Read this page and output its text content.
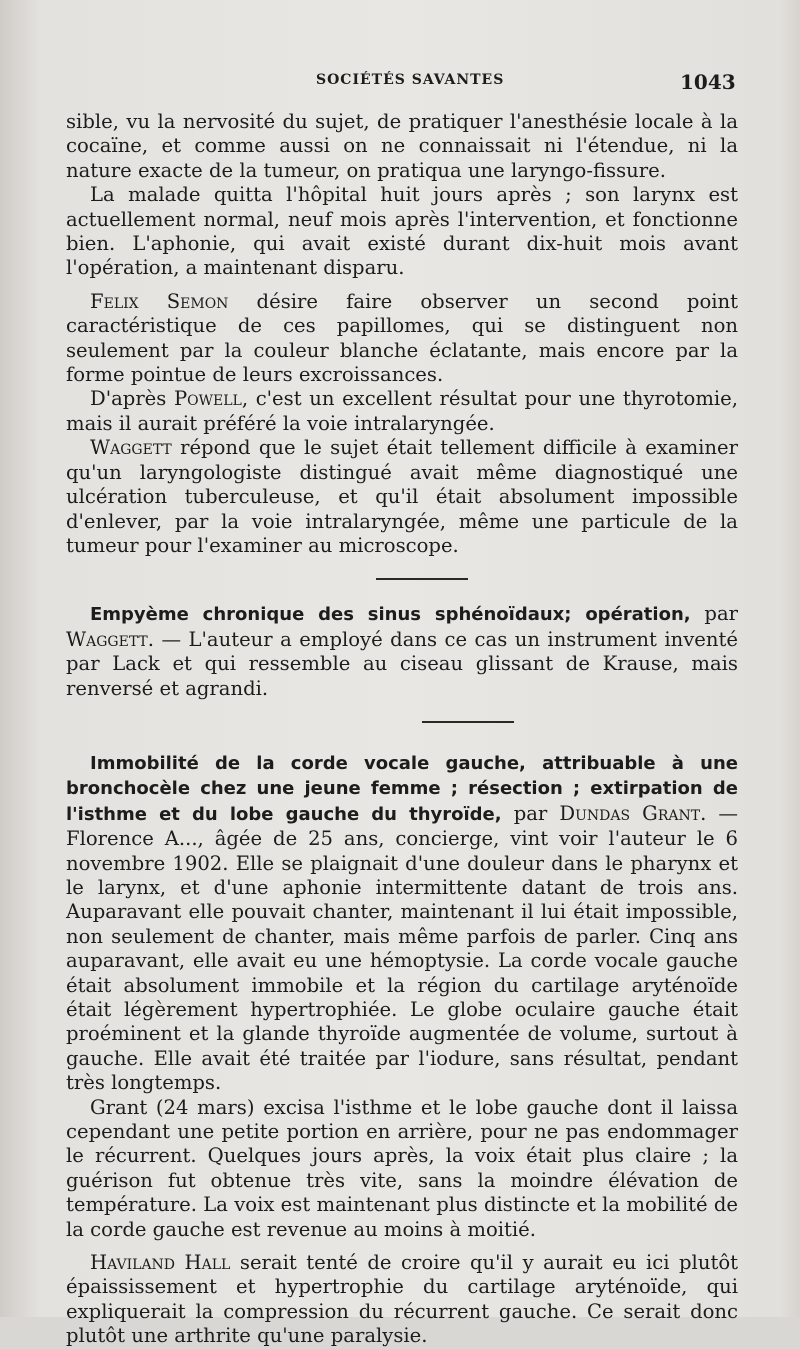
SOCIÉTÉS SAVANTES	1043

sible, vu la nervosité du sujet, de pratiquer l'anesthésie locale à la cocaïne, et comme aussi on ne connaissait ni l'étendue, ni la nature exacte de la tumeur, on pratiqua une laryngo-fissure.

La malade quitta l'hôpital huit jours après ; son larynx est actuellement normal, neuf mois après l'intervention, et fonctionne bien. L'aphonie, qui avait existé durant dix-huit mois avant l'opération, a maintenant disparu.

Felix Semon désire faire observer un second point caractéristique de ces papillomes, qui se distinguent non seulement par la couleur blanche éclatante, mais encore par la forme pointue de leurs excroissances.

D'après Powell, c'est un excellent résultat pour une thyrotomie, mais il aurait préféré la voie intralaryngée.

Waggett répond que le sujet était tellement difficile à examiner qu'un laryngologiste distingué avait même diagnostiqué une ulcération tuberculeuse, et qu'il était absolument impossible d'enlever, par la voie intralaryngée, même une particule de la tumeur pour l'examiner au microscope.

Empyème chronique des sinus sphénoïdaux; opération, par Waggett. — L'auteur a employé dans ce cas un instrument inventé par Lack et qui ressemble au ciseau glissant de Krause, mais renversé et agrandi.

Immobilité de la corde vocale gauche, attribuable à une bronchocèle chez une jeune femme ; résection ; extirpation de l'isthme et du lobe gauche du thyroïde, par Dundas Grant. — Florence A..., âgée de 25 ans, concierge, vint voir l'auteur le 6 novembre 1902. Elle se plaignait d'une douleur dans le pharynx et le larynx, et d'une aphonie intermittente datant de trois ans. Auparavant elle pouvait chanter, maintenant il lui était impossible, non seulement de chanter, mais même parfois de parler. Cinq ans auparavant, elle avait eu une hémoptysie. La corde vocale gauche était absolument immobile et la région du cartilage aryténoïde était légèrement hypertrophiée. Le globe oculaire gauche était proéminent et la glande thyroïde augmentée de volume, surtout à gauche. Elle avait été traitée par l'iodure, sans résultat, pendant très longtemps.

Grant (24 mars) excisa l'isthme et le lobe gauche dont il laissa cependant une petite portion en arrière, pour ne pas endommager le récurrent. Quelques jours après, la voix était plus claire ; la guérison fut obtenue très vite, sans la moindre élévation de température. La voix est maintenant plus distincte et la mobilité de la corde gauche est revenue au moins à moitié.

Haviland Hall serait tenté de croire qu'il y aurait eu ici plutôt épaississement et hypertrophie du cartilage aryténoïde, qui expliquerait la compression du récurrent gauche. Ce serait donc plutôt une arthrite qu'une paralysie.
